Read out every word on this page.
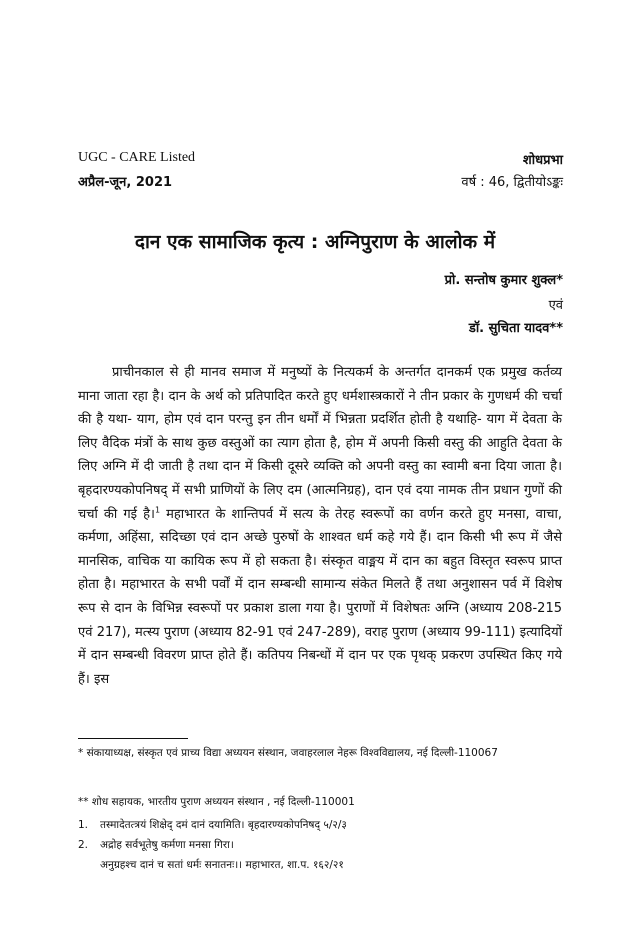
UGC - CARE Listed
अप्रैल-जून, 2021
शोधप्रभा
वर्ष : 46, द्वितीयोऽङ्कः
दान एक सामाजिक कृत्य : अग्निपुराण के आलोक में
प्रो. सन्तोष कुमार शुक्ल*
एवं
डॉ. सुचिता यादव**

प्राचीनकाल से ही मानव समाज में मनुष्यों के नित्यकर्म के अन्तर्गत दानकर्म एक प्रमुख कर्तव्य माना जाता रहा है। दान के अर्थ को प्रतिपादित करते हुए धर्मशास्त्रकारों ने तीन प्रकार के गुणधर्म की चर्चा की है यथा- याग, होम एवं दान परन्तु इन तीन धर्मों में भिन्नता प्रदर्शित होती है यथाहि- याग में देवता के लिए वैदिक मंत्रों के साथ कुछ वस्तुओं का त्याग होता है, होम में अपनी किसी वस्तु की आहुति देवता के लिए अग्नि में दी जाती है तथा दान में किसी दूसरे व्यक्ति को अपनी वस्तु का स्वामी बना दिया जाता है। बृहदारण्यकोपनिषद् में सभी प्राणियों के लिए दम (आत्मनिग्रह), दान एवं दया नामक तीन प्रधान गुणों की चर्चा की गई है।$^1$ महाभारत के शान्तिपर्व में सत्य के तेरह स्वरूपों का वर्णन करते हुए मनसा, वाचा, कर्मणा, अहिंसा, सदिच्छा एवं दान अच्छे पुरुषों के शाश्वत धर्म कहे गये हैं। दान किसी भी रूप में जैसे मानसिक, वाचिक या कायिक रूप में हो सकता है। संस्कृत वाङ्मय में दान का बहुत विस्तृत स्वरूप प्राप्त होता है। महाभारत के सभी पर्वों में दान सम्बन्धी सामान्य संकेत मिलते हैं तथा अनुशासन पर्व में विशेष रूप से दान के विभिन्न स्वरूपों पर प्रकाश डाला गया है। पुराणों में विशेषतः अग्नि (अध्याय 208-215 एवं 217), मत्स्य पुराण (अध्याय 82-91 एवं 247-289), वराह पुराण (अध्याय 99-111) इत्यादियों में दान सम्बन्धी विवरण प्राप्त होते हैं। कतिपय निबन्धों में दान पर एक पृथक् प्रकरण उपस्थित किए गये हैं। इस

* संकायाध्यक्ष, संस्कृत एवं प्राच्य विद्या अध्ययन संस्थान, जवाहरलाल नेहरू विश्वविद्यालय, नई दिल्ली-110067
** शोध सहायक, भारतीय पुराण अध्ययन संस्थान , नई दिल्ली-110001
1. तस्मादेतत्त्रयं शिक्षेद् दमं दानं दयामिति। बृहदारण्यकोपनिषद् ५/२/३
2. अद्रोह सर्वभूतेषु कर्मणा मनसा गिरा।
अनुग्रहश्च दानं च सतां धर्मः सनातनः।। महाभारत, शा.प. १६२/२१
